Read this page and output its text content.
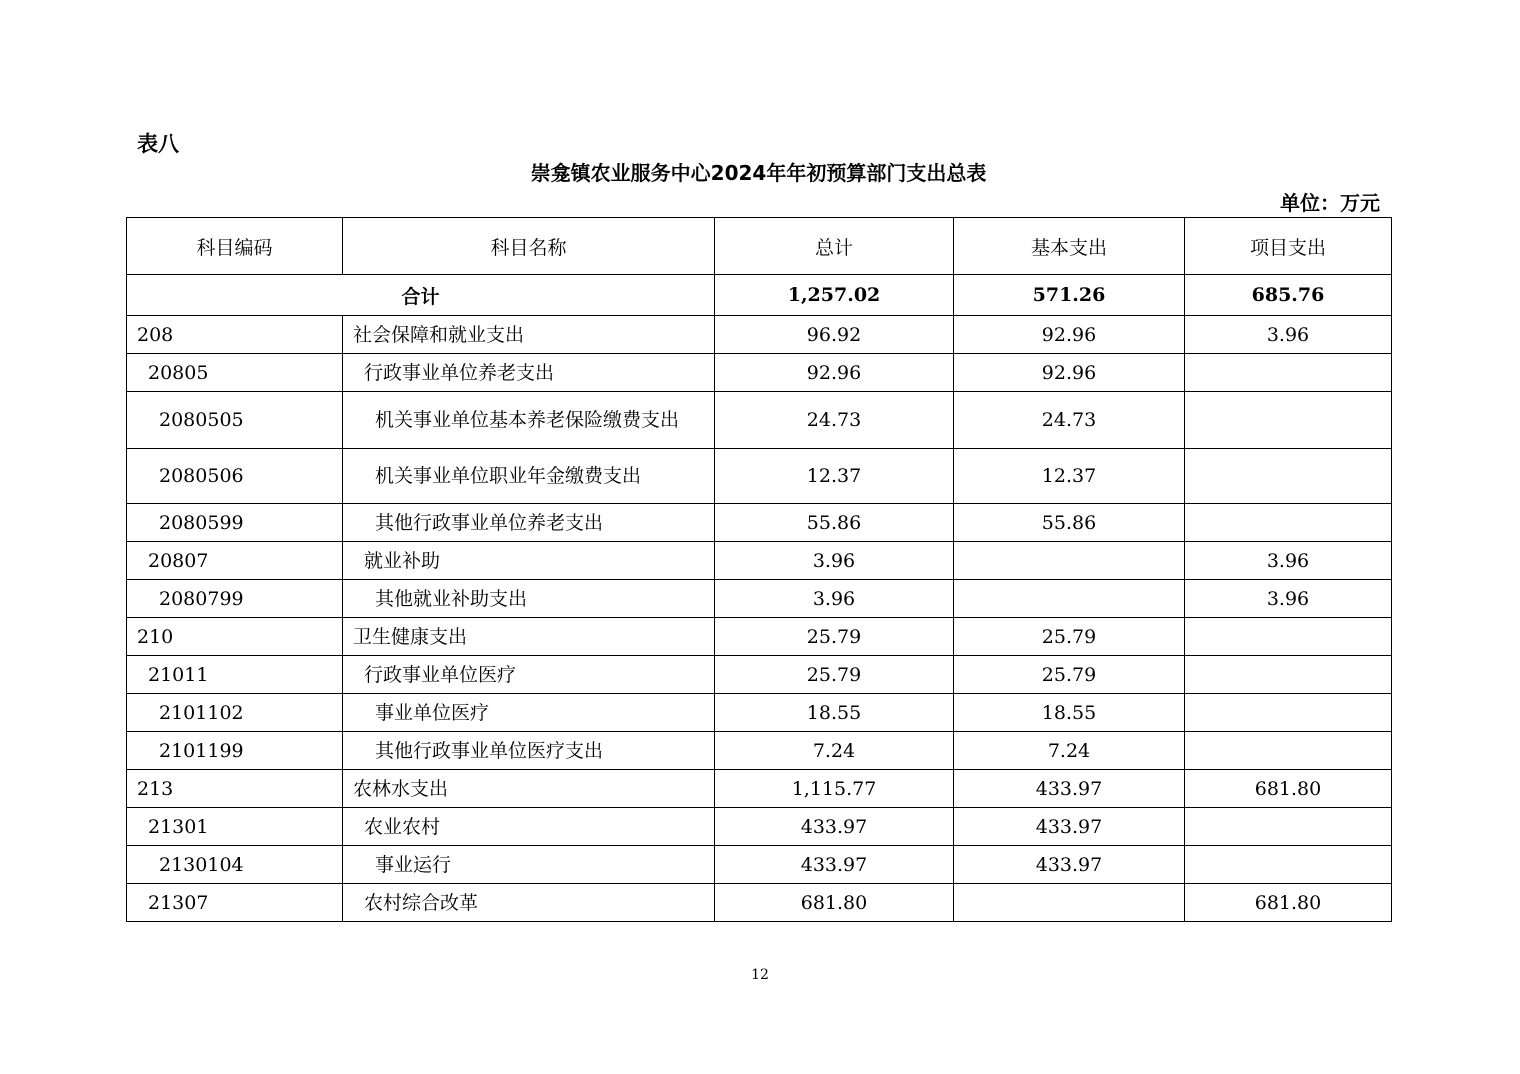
表八
崇龛镇农业服务中心2024年年初预算部门支出总表
单位：万元
科目编码	科目名称	总计	基本支出	项目支出
合计		1,257.02	571.26	685.76
208	社会保障和就业支出	96.92	92.96	3.96
20805	行政事业单位养老支出	92.96	92.96	
2080505	机关事业单位基本养老保险缴费支出	24.73	24.73	
2080506	机关事业单位职业年金缴费支出	12.37	12.37	
2080599	其他行政事业单位养老支出	55.86	55.86	
20807	就业补助	3.96		3.96
2080799	其他就业补助支出	3.96		3.96
210	卫生健康支出	25.79	25.79	
21011	行政事业单位医疗	25.79	25.79	
2101102	事业单位医疗	18.55	18.55	
2101199	其他行政事业单位医疗支出	7.24	7.24	
213	农林水支出	1,115.77	433.97	681.80
21301	农业农村	433.97	433.97	
2130104	事业运行	433.97	433.97	
21307	农村综合改革	681.80		681.80
12
